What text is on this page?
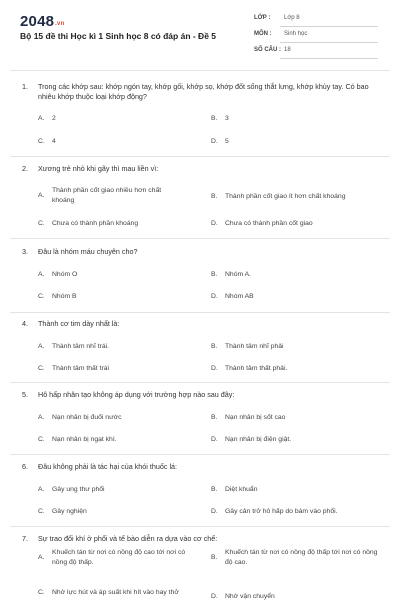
2048.vn
Bộ 15 đề thi Học kì 1 Sinh học 8 có đáp án - Đề 5
LỚP : Lớp 8
MÔN : Sinh học
SỐ CÂU : 18
1. Trong các khớp sau: khớp ngón tay, khớp gối, khớp sọ, khớp đốt sống thắt lưng, khớp khủy tay. Có bao nhiêu khớp thuộc loại khớp động?
A. 2	B. 3
C. 4	D. 5
2. Xương trẻ nhỏ khi gãy thì mau liền vì:
A.
Thành phần cốt giao nhiều hơn chất khoáng
B. Thành phần cốt giao ít hơn chất khoáng
C. Chưa có thành phần khoáng	D. Chưa có thành phần cốt giao
3. Đâu là nhóm máu chuyên cho?
A. Nhóm O	B. Nhóm A.
C. Nhóm B	D. Nhóm AB
4. Thành cơ tim dày nhất là:
A. Thành tâm nhĩ trái.	B. Thành tâm nhĩ phải
C. Thành tâm thất trái	D. Thành tâm thất phải.
5. Hô hấp nhân tạo không áp dụng với trường hợp nào sau đây:
A. Nạn nhân bị đuối nước	B. Nạn nhân bị sốt cao
C. Nạn nhân bị ngạt khí.	D. Nạn nhân bị điện giật.
6. Đâu không phải là tác hại của khói thuốc lá:
A. Gây ung thư phổi	B. Diệt khuẩn
C. Gây nghiện	D. Gây cản trở hô hấp do bám vào phổi.
7. Sự trao đổi khí ở phổi và tế bào diễn ra dựa vào cơ chế:
A.
Khuếch tán từ nơi có nồng độ cao tới nơi có nồng độ thấp.
B.
Khuếch tán từ nơi có nồng độ thấp tới nơi có nồng độ cao.
C. Nhờ lực hút và áp suất khi hít vào hay thở
D. Nhờ vận chuyển
